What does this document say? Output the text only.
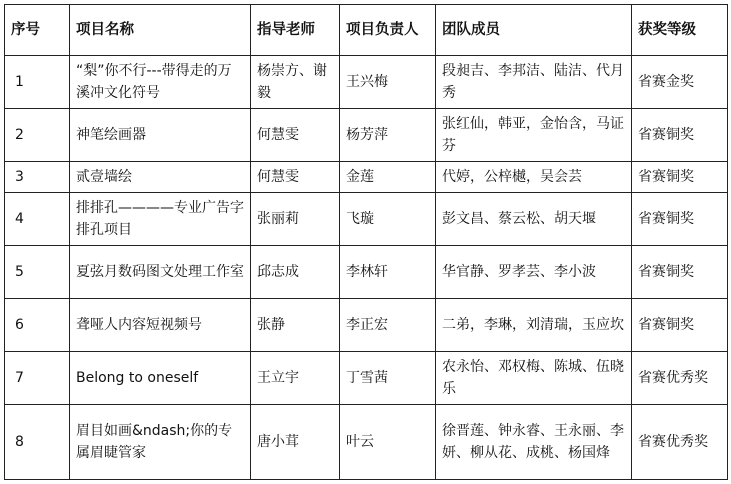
序号	项目名称	指导老师	项目负责人	团队成员	获奖等级
1	“梨”你不行---带得走的万溪冲文化符号	杨崇方、谢毅	王兴梅	段昶吉、李邦洁、陆洁、代月秀	省赛金奖
2	神笔绘画器	何慧雯	杨芳萍	张红仙，韩亚，金怡含，马证芬	省赛铜奖
3	贰壹墙绘	何慧雯	金莲	代婷，公梓樾，吴会芸	省赛铜奖
4	排排孔————专业广告字排孔项目	张丽莉	飞璇	彭文昌、蔡云松、胡天堰	省赛铜奖
5	夏弦月数码图文处理工作室	邱志成	李林轩	华官静、罗孝芸、李小波	省赛铜奖
6	聋哑人内容短视频号	张静	李正宏	二弟，李琳，刘清瑞，玉应坎	省赛铜奖
7	Belong to oneself	王立宇	丁雪茜	农永怡、邓权梅、陈城、伍晓乐	省赛优秀奖
8	眉目如画&ndash;你的专属眉睫管家	唐小茸	叶云	徐晋莲、钟永睿、王永丽、李妍、柳从花、成桃、杨国烽	省赛优秀奖
